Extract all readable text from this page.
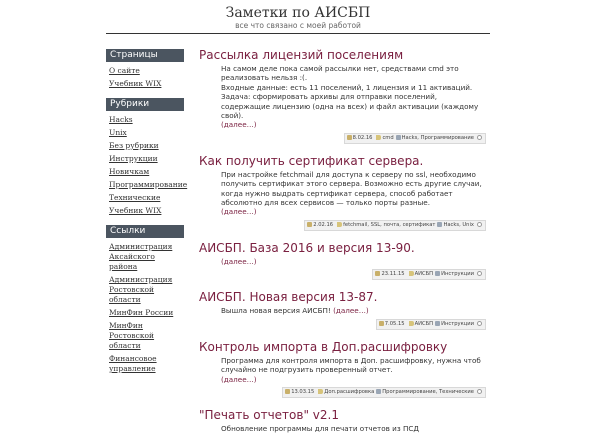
Заметки по АИСБП
все что связано с моей работой
Страницы
О сайте
Учебник WIX
Рубрики
Hacks
Unix
Без рубрики
Инструкции
Новичкам
Программирование
Технические
Учебник WIX
Ссылки
Администрация Аксайского района
Администрация Ростовской области
МинФин России
МинФин Ростовской области
Финансовое управление
Рассылка лицензий поселениям
На самом деле пока самой рассылки нет, средствами cmd это реализовать нельзя :(.
Входные данные: есть 11 поселений, 1 лицензия и 11 активаций.
Задача: сформировать архивы для отправки поселений, содержащие лицензию (одна на всех) и файл активации (каждому свой).
(далее…)
8.02.16 cmd Hacks, Программирование
Как получить сертификат сервера.
При настройке fetchmail для доступа к серверу по ssl, необходимо получить сертификат этого сервера. Возможно есть другие случаи, когда нужно выдрать сертификат сервера, способ работает абсолютно для всех сервисов — только порты разные.
(далее…)
2.02.16 fetchmail, SSL, почта, сертификат Hacks, Unix
АИСБП. База 2016 и версия 13-90.
(далее…)
23.11.15 АИСБП Инструкции
АИСБП. Новая версия 13-87.
Вышла новая версия АИСБП! (далее…)
7.05.15 АИСБП Инструкции
Контроль импорта в Доп.расшифровку
Программа для контроля импорта в Доп. расшифровку, нужна чтоб случайно не подгрузить проверенный отчет.
(далее…)
13.03.15 Доп.расшифровка Программирование, Технические
"Печать отчетов" v2.1
Обновление программы для печати отчетов из ПСД
